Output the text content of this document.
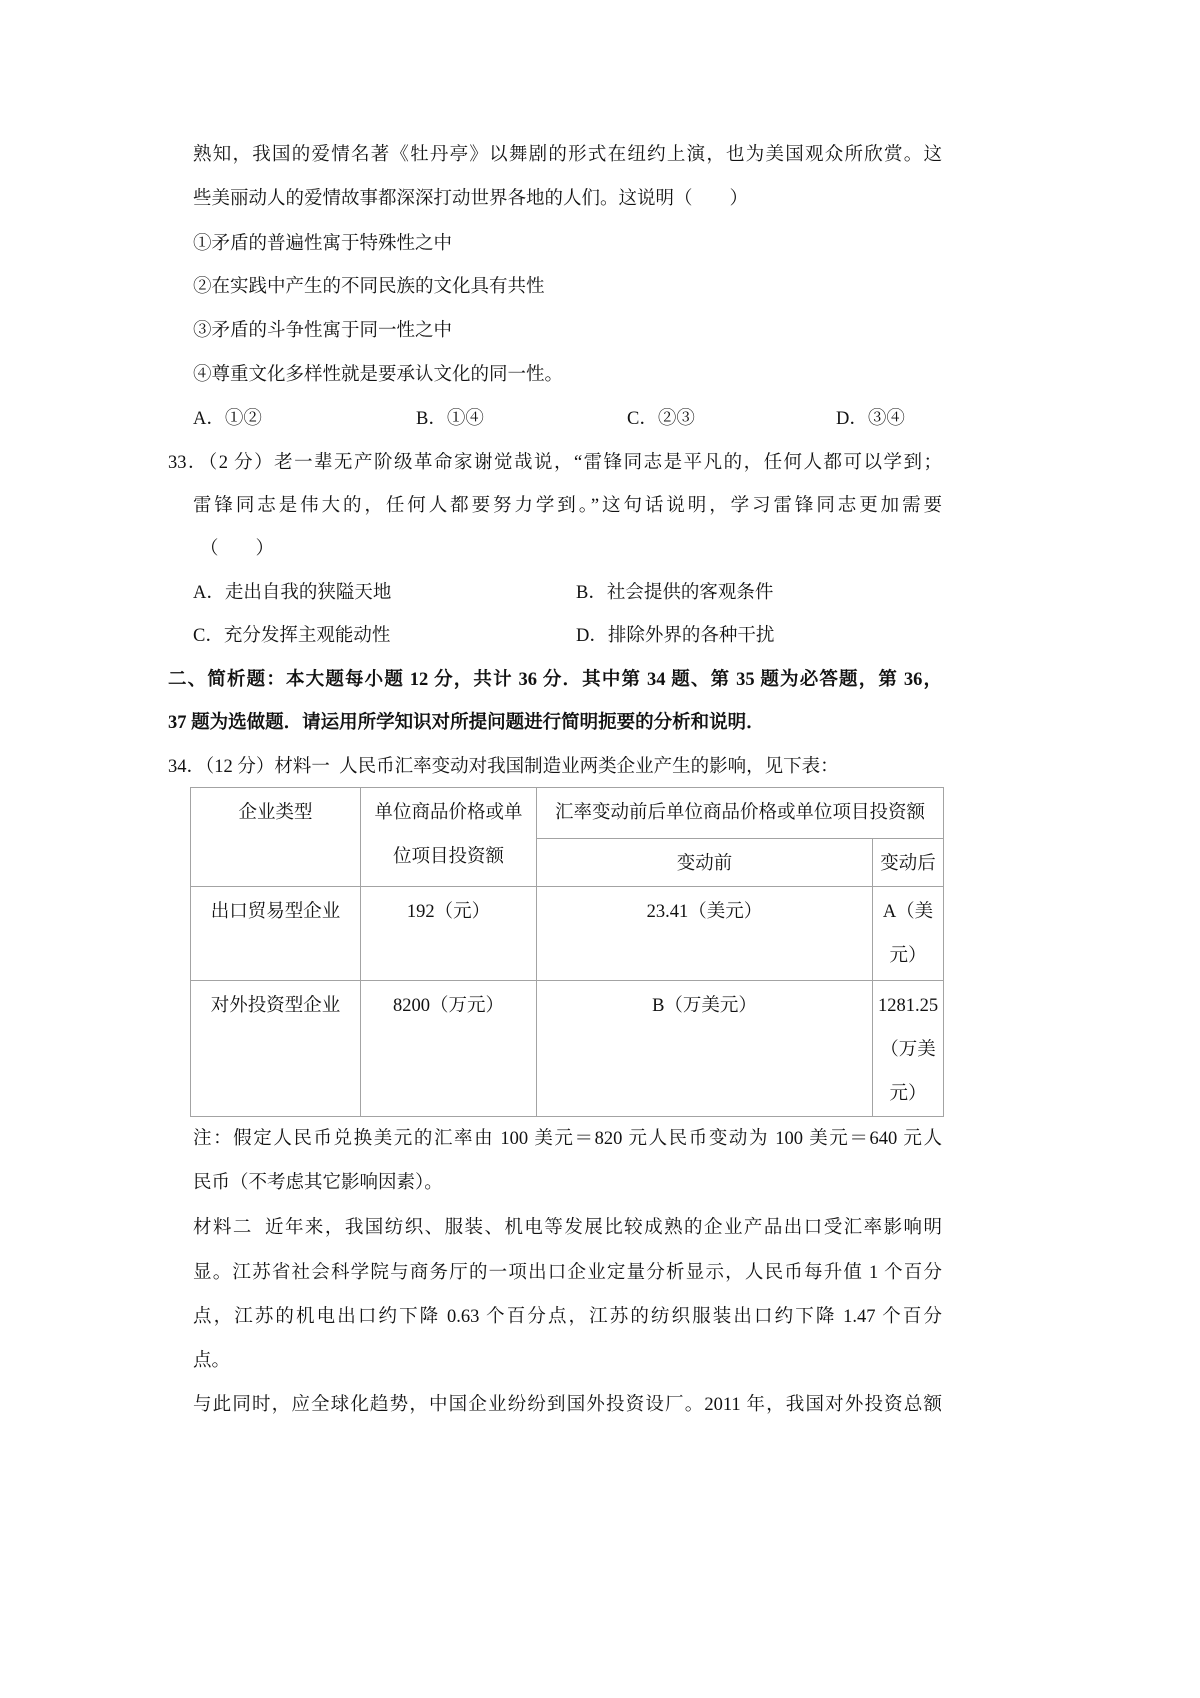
熟知，我国的爱情名著《牡丹亭》以舞剧的形式在纽约上演，也为美国观众所欣赏。这
些美丽动人的爱情故事都深深打动世界各地的人们。这说明（　　）
①矛盾的普遍性寓于特殊性之中
②在实践中产生的不同民族的文化具有共性
③矛盾的斗争性寓于同一性之中
④尊重文化多样性就是要承认文化的同一性。
A．①②	B．①④	C．②③	D．③④
33．（2 分）老一辈无产阶级革命家谢觉哉说，“雷锋同志是平凡的，任何人都可以学到；
雷锋同志是伟大的，任何人都要努力学到。”这句话说明，学习雷锋同志更加需要
（　　）
A．走出自我的狭隘天地	B．社会提供的客观条件
C．充分发挥主观能动性	D．排除外界的各种干扰
二、简析题：本大题每小题 12 分，共计 36 分．其中第 34 题、第 35 题为必答题，第 36，
37 题为选做题．请运用所学知识对所提问题进行简明扼要的分析和说明．
34．（12 分）材料一  人民币汇率变动对我国制造业两类企业产生的影响，见下表：
企业类型	单位商品价格或单位项目投资额	汇率变动前后单位商品价格或单位项目投资额	
		变动前	变动后
出口贸易型企业	192（元）	23.41（美元）	A（美元）
对外投资型企业	8200（万元）	B（万美元）	1281.25（万美元）
注：假定人民币兑换美元的汇率由 100 美元＝820 元人民币变动为 100 美元＝640 元人
民币（不考虑其它影响因素）。
材料二  近年来，我国纺织、服装、机电等发展比较成熟的企业产品出口受汇率影响明
显。江苏省社会科学院与商务厅的一项出口企业定量分析显示，人民币每升值 1 个百分
点，江苏的机电出口约下降 0.63 个百分点，江苏的纺织服装出口约下降 1.47 个百分
点。
与此同时，应全球化趋势，中国企业纷纷到国外投资设厂。2011 年，我国对外投资总额
